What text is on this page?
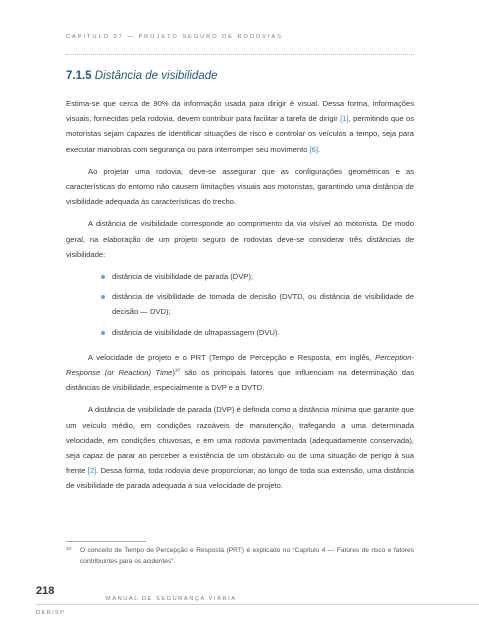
CAPÍTULO 07 — PROJETO SEGURO DE RODOVIAS
7.1.5 Distância de visibilidade

Estima-se que cerca de 90% da informação usada para dirigir é visual. Dessa forma, informações visuais, fornecidas pela rodovia, devem contribuir para facilitar a tarefa de dirigir [1], permitindo que os motoristas sejam capazes de identificar situações de risco e controlar os veículos a tempo, seja para executar manobras com segurança ou para interromper seu movimento [6].

Ao projetar uma rodovia, deve-se assegurar que as configurações geométricas e as características do entorno não causem limitações visuais aos motoristas, garantindo uma distância de visibilidade adequada às características do trecho.

A distância de visibilidade corresponde ao comprimento da via visível ao motorista. De modo geral, na elaboração de um projeto seguro de rodovias deve-se considerar três distâncias de visibilidade:

distância de visibilidade de parada (DVP);
distância de visibilidade de tomada de decisão (DVTD, ou distância de visibilidade de decisão — DVD);
distância de visibilidade de ultrapassagem (DVU).

A velocidade de projeto e o PRT (Tempo de Percepção e Resposta, em inglês, Perception-Response (or Reaction) Time)$^{10}$ são os principais fatores que influenciam na determinação das distâncias de visibilidade, especialmente a DVP e a DVTD.

A distância de visibilidade de parada (DVP) é definida como a distância mínima que garante que um veículo médio, em condições razoáveis de manutenção, trafegando a uma determinada velocidade, em condições chuvosas, e em uma rodovia pavimentada (adequadamente conservada), seja capaz de parar ao perceber a existência de um obstáculo ou de uma situação de perigo à sua frente [2]. Dessa forma, toda rodovia deve proporcionar, ao longo de toda sua extensão, uma distância de visibilidade de parada adequada à sua velocidade de projeto.

10 O conceito de Tempo de Percepção e Resposta (PRT) é explicado no “Capítulo 4 — Fatores de risco e fatores contribuintes para os acidentes”.
218
MANUAL DE SEGURANÇA VIÁRIA
DER/SP
